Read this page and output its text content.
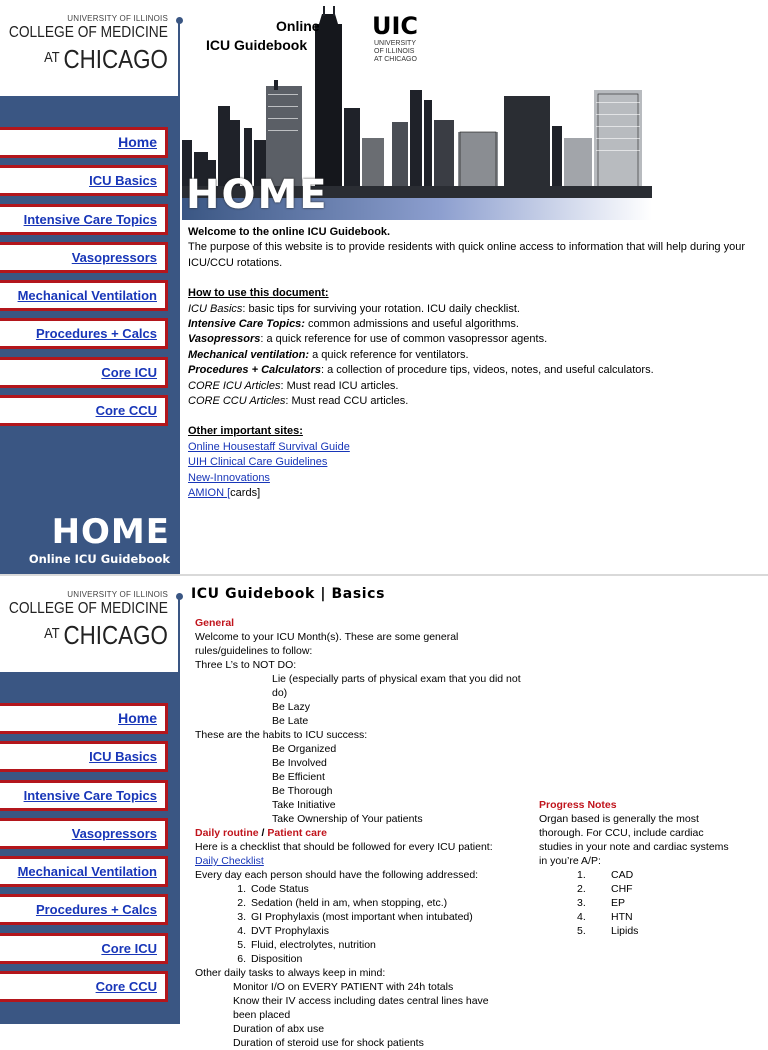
UNIVERSITY OF ILLINOIS
COLLEGE OF MEDICINE
AT CHICAGO
Home
ICU Basics
Intensive Care Topics
Vasopressors
Mechanical Ventilation
Procedures + Calcs
Core ICU
Core CCU
HOME
Online ICU Guidebook
Online
ICU Guidebook
UIC
UNIVERSITY
OF ILLINOIS
AT CHICAGO
HOME
Welcome to the online ICU Guidebook.
The purpose of this website is to provide residents with quick online access to information that will help during your ICU/CCU rotations.
How to use this document:
ICU Basics: basic tips for surviving your rotation. ICU daily checklist.
Intensive Care Topics: common admissions and useful algorithms.
Vasopressors: a quick reference for use of common vasopressor agents.
Mechanical ventilation: a quick reference for ventilators.
Procedures + Calculators: a collection of procedure tips, videos, notes, and useful calculators.
CORE ICU Articles: Must read ICU articles.
CORE CCU Articles: Must read CCU articles.
Other important sites:
Online Housestaff Survival Guide
UIH Clinical Care Guidelines
New-Innovations
AMION [cards]
UNIVERSITY OF ILLINOIS
COLLEGE OF MEDICINE
AT CHICAGO
Home
ICU Basics
Intensive Care Topics
Vasopressors
Mechanical Ventilation
Procedures + Calcs
Core ICU
Core CCU
ICU Guidebook | Basics
General
Welcome to your ICU Month(s). These are some general rules/guidelines to follow:
Three L’s to NOT DO:
Lie (especially parts of physical exam that you did not do)
Be Lazy
Be Late
These are the habits to ICU success:
Be Organized
Be Involved
Be Efficient
Be Thorough
Take Initiative
Take Ownership of Your patients
Daily routine / Patient care
Here is a checklist that should be followed for every ICU patient:
Daily Checklist
Every day each person should have the following addressed:
1. Code Status
2. Sedation (held in am, when stopping, etc.)
3. GI Prophylaxis (most important when intubated)
4. DVT Prophylaxis
5. Fluid, electrolytes, nutrition
6. Disposition
Other daily tasks to always keep in mind:
Monitor I/O on EVERY PATIENT with 24h totals
Know their IV access including dates central lines have
been placed
Duration of abx use
Duration of steroid use for shock patients
Progress Notes
Organ based is generally the most
thorough. For CCU, include cardiac
studies in your note and cardiac systems
in you’re A/P:
1. CAD
2. CHF
3. EP
4. HTN
5. Lipids
